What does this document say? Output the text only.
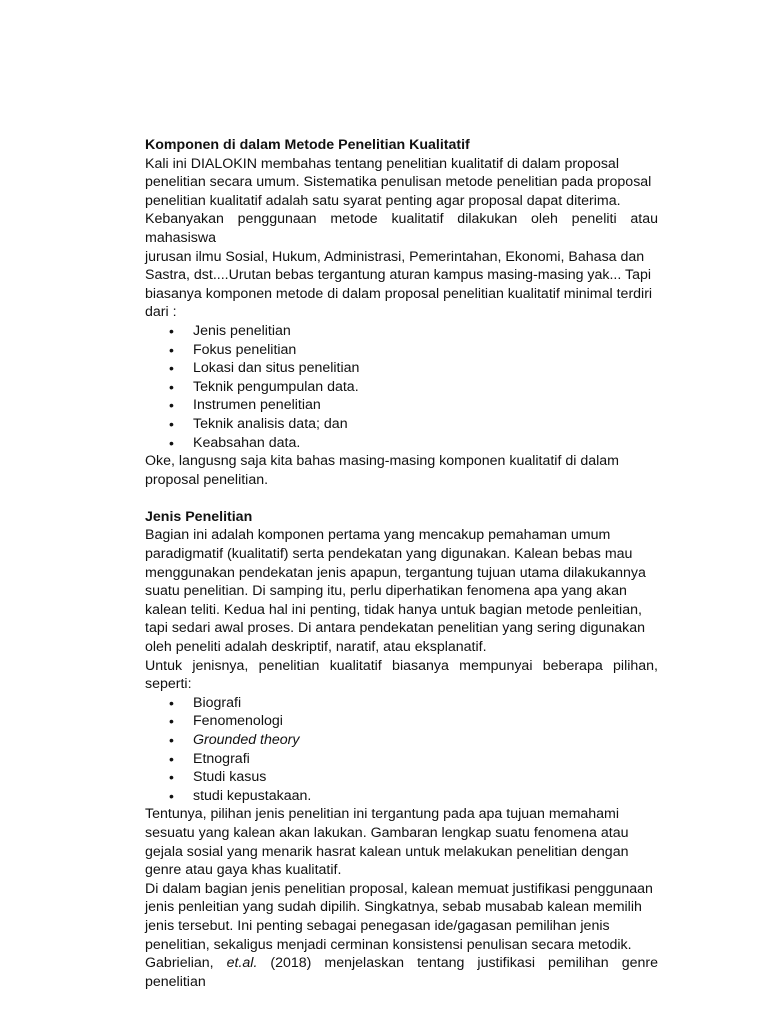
Komponen di dalam Metode Penelitian Kualitatif

Kali ini DIALOKIN membahas tentang penelitian kualitatif di dalam proposal

penelitian secara umum. Sistematika penulisan metode penelitian pada proposal

penelitian kualitatif adalah satu syarat penting agar proposal dapat diterima.

Kebanyakan penggunaan metode kualitatif dilakukan oleh peneliti atau mahasiswa

jurusan ilmu Sosial, Hukum, Administrasi, Pemerintahan, Ekonomi, Bahasa dan

Sastra, dst....Urutan bebas tergantung aturan kampus masing-masing yak... Tapi

biasanya komponen metode di dalam proposal penelitian kualitatif minimal terdiri

dari :

• Jenis penelitian
• Fokus penelitian
• Lokasi dan situs penelitian
• Teknik pengumpulan data.
• Instrumen penelitian
• Teknik analisis data; dan
• Keabsahan data.

Oke, langusng saja kita bahas masing-masing komponen kualitatif di dalam

proposal penelitian.

Jenis Penelitian

Bagian ini adalah komponen pertama yang mencakup pemahaman umum

paradigmatif (kualitatif) serta pendekatan yang digunakan. Kalean bebas mau

menggunakan pendekatan jenis apapun, tergantung tujuan utama dilakukannya

suatu penelitian. Di samping itu, perlu diperhatikan fenomena apa yang akan

kalean teliti. Kedua hal ini penting, tidak hanya untuk bagian metode penleitian,

tapi sedari awal proses. Di antara pendekatan penelitian yang sering digunakan

oleh peneliti adalah deskriptif, naratif, atau eksplanatif.

Untuk jenisnya, penelitian kualitatif biasanya mempunyai beberapa pilihan, seperti:

• Biografi
• Fenomenologi
• Grounded theory
• Etnografi
• Studi kasus
• studi kepustakaan.

Tentunya, pilihan jenis penelitian ini tergantung pada apa tujuan memahami

sesuatu yang kalean akan lakukan. Gambaran lengkap suatu fenomena atau

gejala sosial yang menarik hasrat kalean untuk melakukan penelitian dengan

genre atau gaya khas kualitatif.

Di dalam bagian jenis penelitian proposal, kalean memuat justifikasi penggunaan

jenis penleitian yang sudah dipilih. Singkatnya, sebab musabab kalean memilih

jenis tersebut. Ini penting sebagai penegasan ide/gagasan pemilihan jenis

penelitian, sekaligus menjadi cerminan konsistensi penulisan secara metodik.

Gabrielian, et.al. (2018) menjelaskan tentang justifikasi pemilihan genre penelitian
